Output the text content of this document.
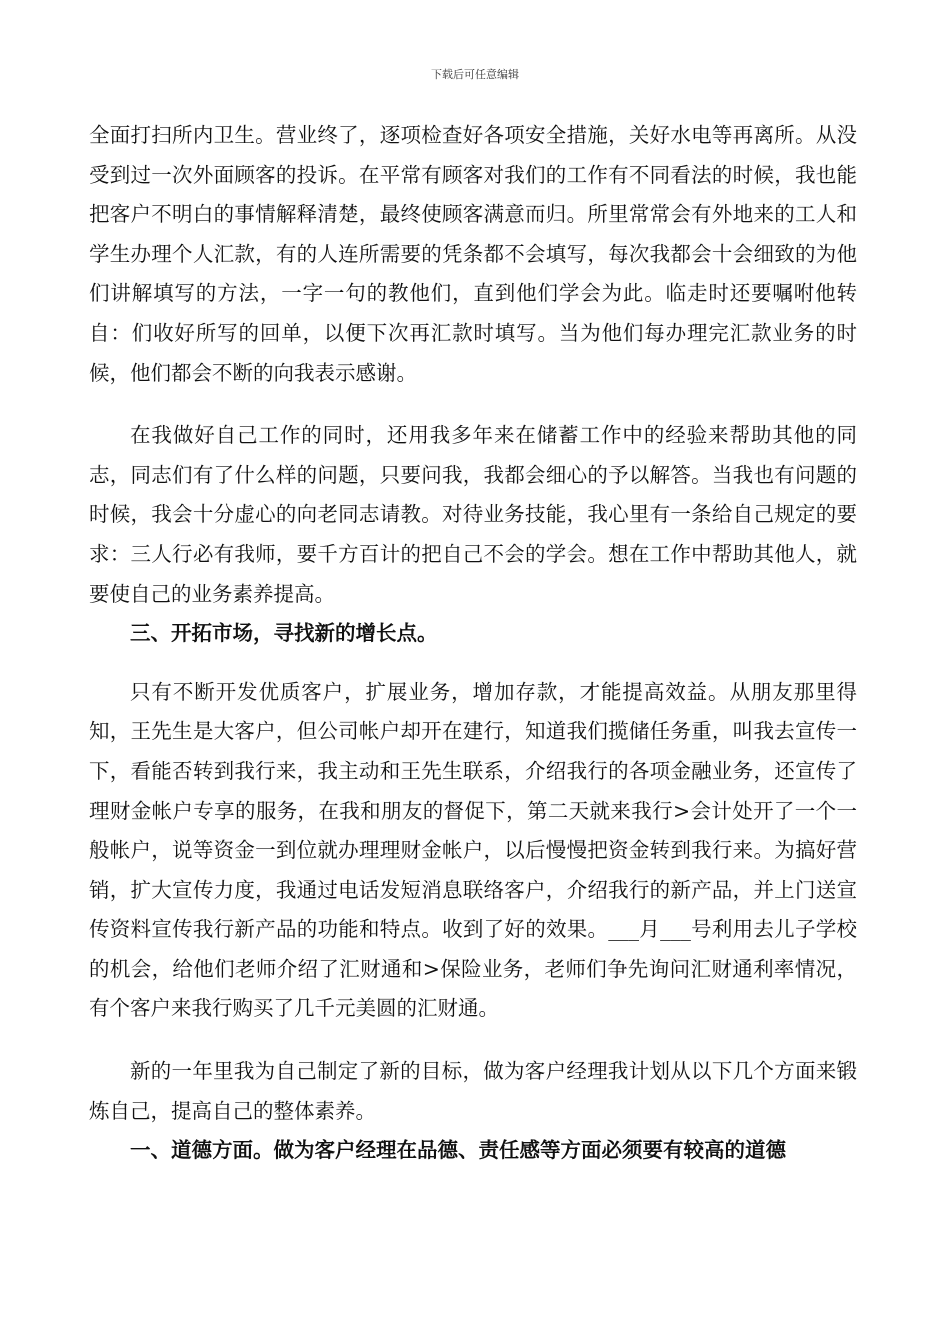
下载后可任意编辑

全面打扫所内卫生。营业终了，逐项检查好各项安全措施，关好水电等再离所。从没受到过一次外面顾客的投诉。在平常有顾客对我们的工作有不同看法的时候，我也能把客户不明白的事情解释清楚，最终使顾客满意而归。所里常常会有外地来的工人和学生办理个人汇款，有的人连所需要的凭条都不会填写，每次我都会十会细致的为他们讲解填写的方法，一字一句的教他们，直到他们学会为此。临走时还要嘱咐他转自：们收好所写的回单，以便下次再汇款时填写。当为他们每办理完汇款业务的时候，他们都会不断的向我表示感谢。

在我做好自己工作的同时，还用我多年来在储蓄工作中的经验来帮助其他的同志，同志们有了什么样的问题，只要问我，我都会细心的予以解答。当我也有问题的时候，我会十分虚心的向老同志请教。对待业务技能，我心里有一条给自己规定的要求：三人行必有我师，要千方百计的把自己不会的学会。想在工作中帮助其他人，就要使自己的业务素养提高。

三、开拓市场，寻找新的增长点。

只有不断开发优质客户，扩展业务，增加存款，才能提高效益。从朋友那里得知，王先生是大客户，但公司帐户却开在建行，知道我们揽储任务重，叫我去宣传一下，看能否转到我行来，我主动和王先生联系，介绍我行的各项金融业务，还宣传了理财金帐户专享的服务，在我和朋友的督促下，第二天就来我行>会计处开了一个一般帐户，说等资金一到位就办理理财金帐户，以后慢慢把资金转到我行来。为搞好营销，扩大宣传力度，我通过电话发短消息联络客户，介绍我行的新产品，并上门送宣传资料宣传我行新产品的功能和特点。收到了好的效果。___月___号利用去儿子学校的机会，给他们老师介绍了汇财通和>保险业务，老师们争先询问汇财通利率情况，有个客户来我行购买了几千元美圆的汇财通。

新的一年里我为自己制定了新的目标，做为客户经理我计划从以下几个方面来锻炼自己，提高自己的整体素养。

一、道德方面。做为客户经理在品德、责任感等方面必须要有较高的道德
